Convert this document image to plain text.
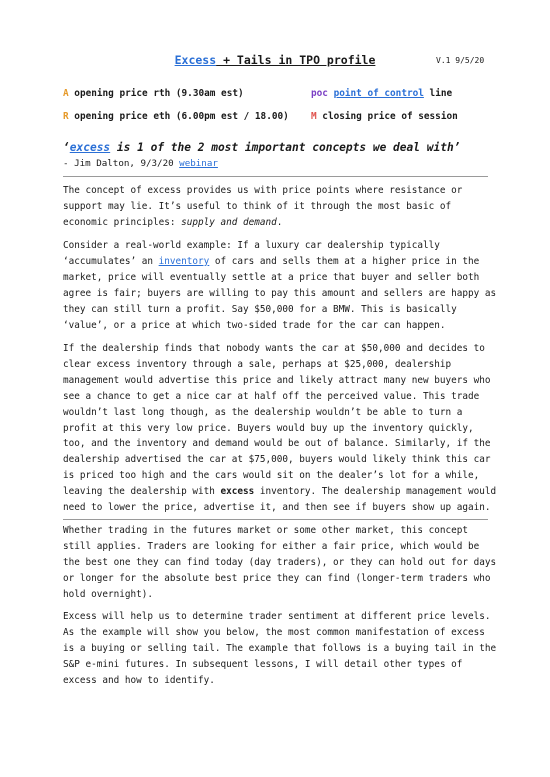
Excess + Tails in TPO profile	V.1 9/5/20
A opening price rth (9.30am est)	poc point of control line
R opening price eth (6.00pm est / 18.00) M closing price of session
‘excess is 1 of the 2 most important concepts we deal with’
- Jim Dalton, 9/3/20 webinar
The concept of excess provides us with price points where resistance or
support may lie. It’s useful to think of it through the most basic of
economic principles: supply and demand.
Consider a real-world example: If a luxury car dealership typically
‘accumulates’ an inventory of cars and sells them at a higher price in the
market, price will eventually settle at a price that buyer and seller both
agree is fair; buyers are willing to pay this amount and sellers are happy as
they can still turn a profit. Say $50,000 for a BMW. This is basically
‘value’, or a price at which two-sided trade for the car can happen.
If the dealership finds that nobody wants the car at $50,000 and decides to
clear excess inventory through a sale, perhaps at $25,000, dealership
management would advertise this price and likely attract many new buyers who
see a chance to get a nice car at half off the perceived value. This trade
wouldn’t last long though, as the dealership wouldn’t be able to turn a
profit at this very low price. Buyers would buy up the inventory quickly,
too, and the inventory and demand would be out of balance. Similarly, if the
dealership advertised the car at $75,000, buyers would likely think this car
is priced too high and the cars would sit on the dealer’s lot for a while,
leaving the dealership with excess inventory. The dealership management would
need to lower the price, advertise it, and then see if buyers show up again.
Whether trading in the futures market or some other market, this concept
still applies. Traders are looking for either a fair price, which would be
the best one they can find today (day traders), or they can hold out for days
or longer for the absolute best price they can find (longer-term traders who
hold overnight).
Excess will help us to determine trader sentiment at different price levels.
As the example will show you below, the most common manifestation of excess
is a buying or selling tail. The example that follows is a buying tail in the
S&P e-mini futures. In subsequent lessons, I will detail other types of
excess and how to identify.
